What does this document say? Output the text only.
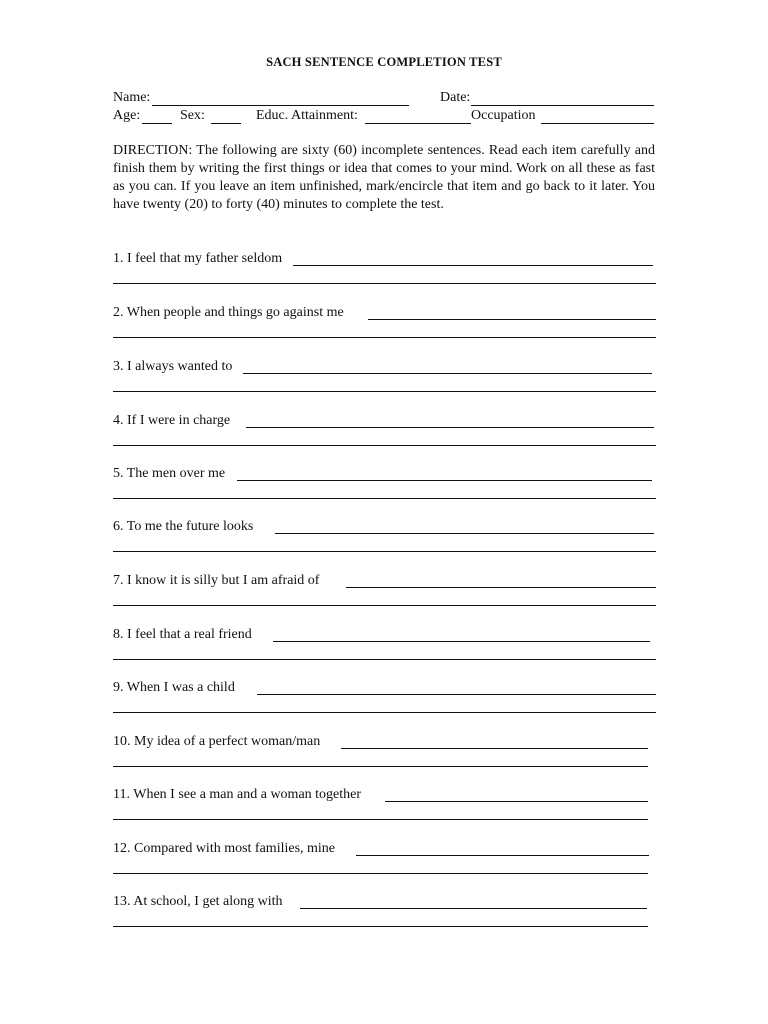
SACH SENTENCE COMPLETION TEST
Name:	Date:
Age:	Sex:	Educ. Attainment:	Occupation
DIRECTION: The following are sixty (60) incomplete sentences. Read each item carefully and finish them by writing the first things or idea that comes to your mind. Work on all these as fast as you can. If you leave an item unfinished, mark/encircle that item and go back to it later. You have twenty (20) to forty (40) minutes to complete the test.
1. I feel that my father seldom
2. When people and things go against me
3. I always wanted to
4. If I were in charge
5. The men over me
6. To me the future looks
7. I know it is silly but I am afraid of
8. I feel that a real friend
9. When I was a child
10. My idea of a perfect woman/man
11. When I see a man and a woman together
12. Compared with most families, mine
13. At school, I get along with
